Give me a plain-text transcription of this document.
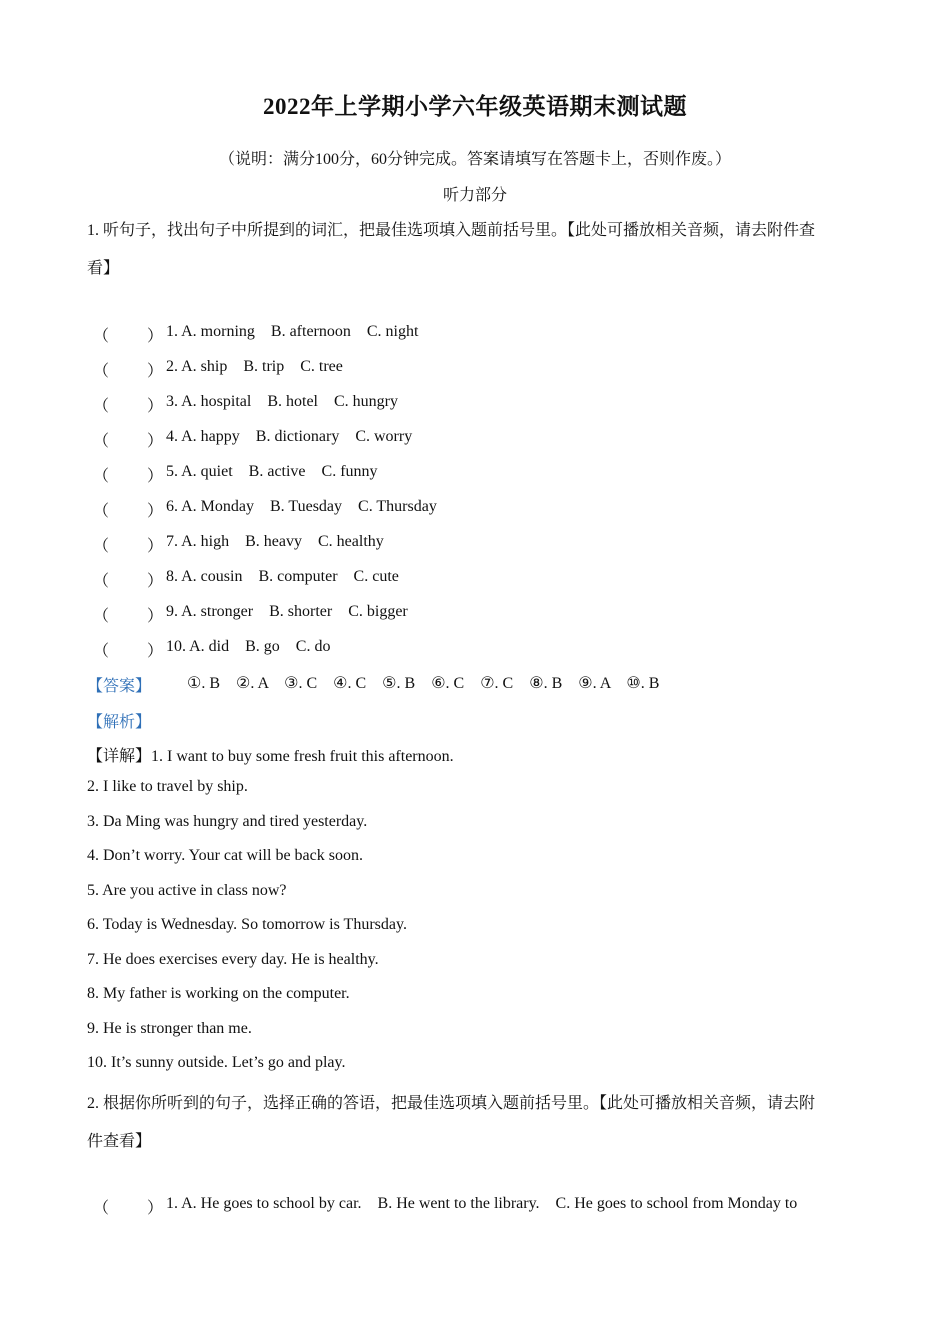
2022年上学期小学六年级英语期末测试题
（说明：满分100分，60分钟完成。答案请填写在答题卡上，否则作废。）
听力部分
1. 听句子，找出句子中所提到的词汇，把最佳选项填入题前括号里。【此处可播放相关音频，请去附件查
看】
（ ） 1. A. morning    B. afternoon    C. night
（ ） 2. A. ship    B. trip    C. tree
（ ） 3. A. hospital    B. hotel    C. hungry
（ ） 4. A. happy    B. dictionary    C. worry
（ ） 5. A. quiet    B. active    C. funny
（ ） 6. A. Monday    B. Tuesday    C. Thursday
（ ） 7. A. high    B. heavy    C. healthy
（ ） 8. A. cousin    B. computer    C. cute
（ ） 9. A. stronger    B. shorter    C. bigger
（ ） 10. A. did    B. go    C. do
【答案】 ①. B    ②. A    ③. C    ④. C    ⑤. B    ⑥. C    ⑦. C    ⑧. B    ⑨. A    ⑩. B
【解析】
【详解】1. I want to buy some fresh fruit this afternoon.
2. I like to travel by ship.
3. Da Ming was hungry and tired yesterday.
4. Don’t worry. Your cat will be back soon.
5. Are you active in class now?
6. Today is Wednesday. So tomorrow is Thursday.
7. He does exercises every day. He is healthy.
8. My father is working on the computer.
9. He is stronger than me.
10. It’s sunny outside. Let’s go and play.
2. 根据你所听到的句子，选择正确的答语，把最佳选项填入题前括号里。【此处可播放相关音频，请去附
件查看】
（ ） 1. A. He goes to school by car.    B. He went to the library.    C. He goes to school from Monday to
